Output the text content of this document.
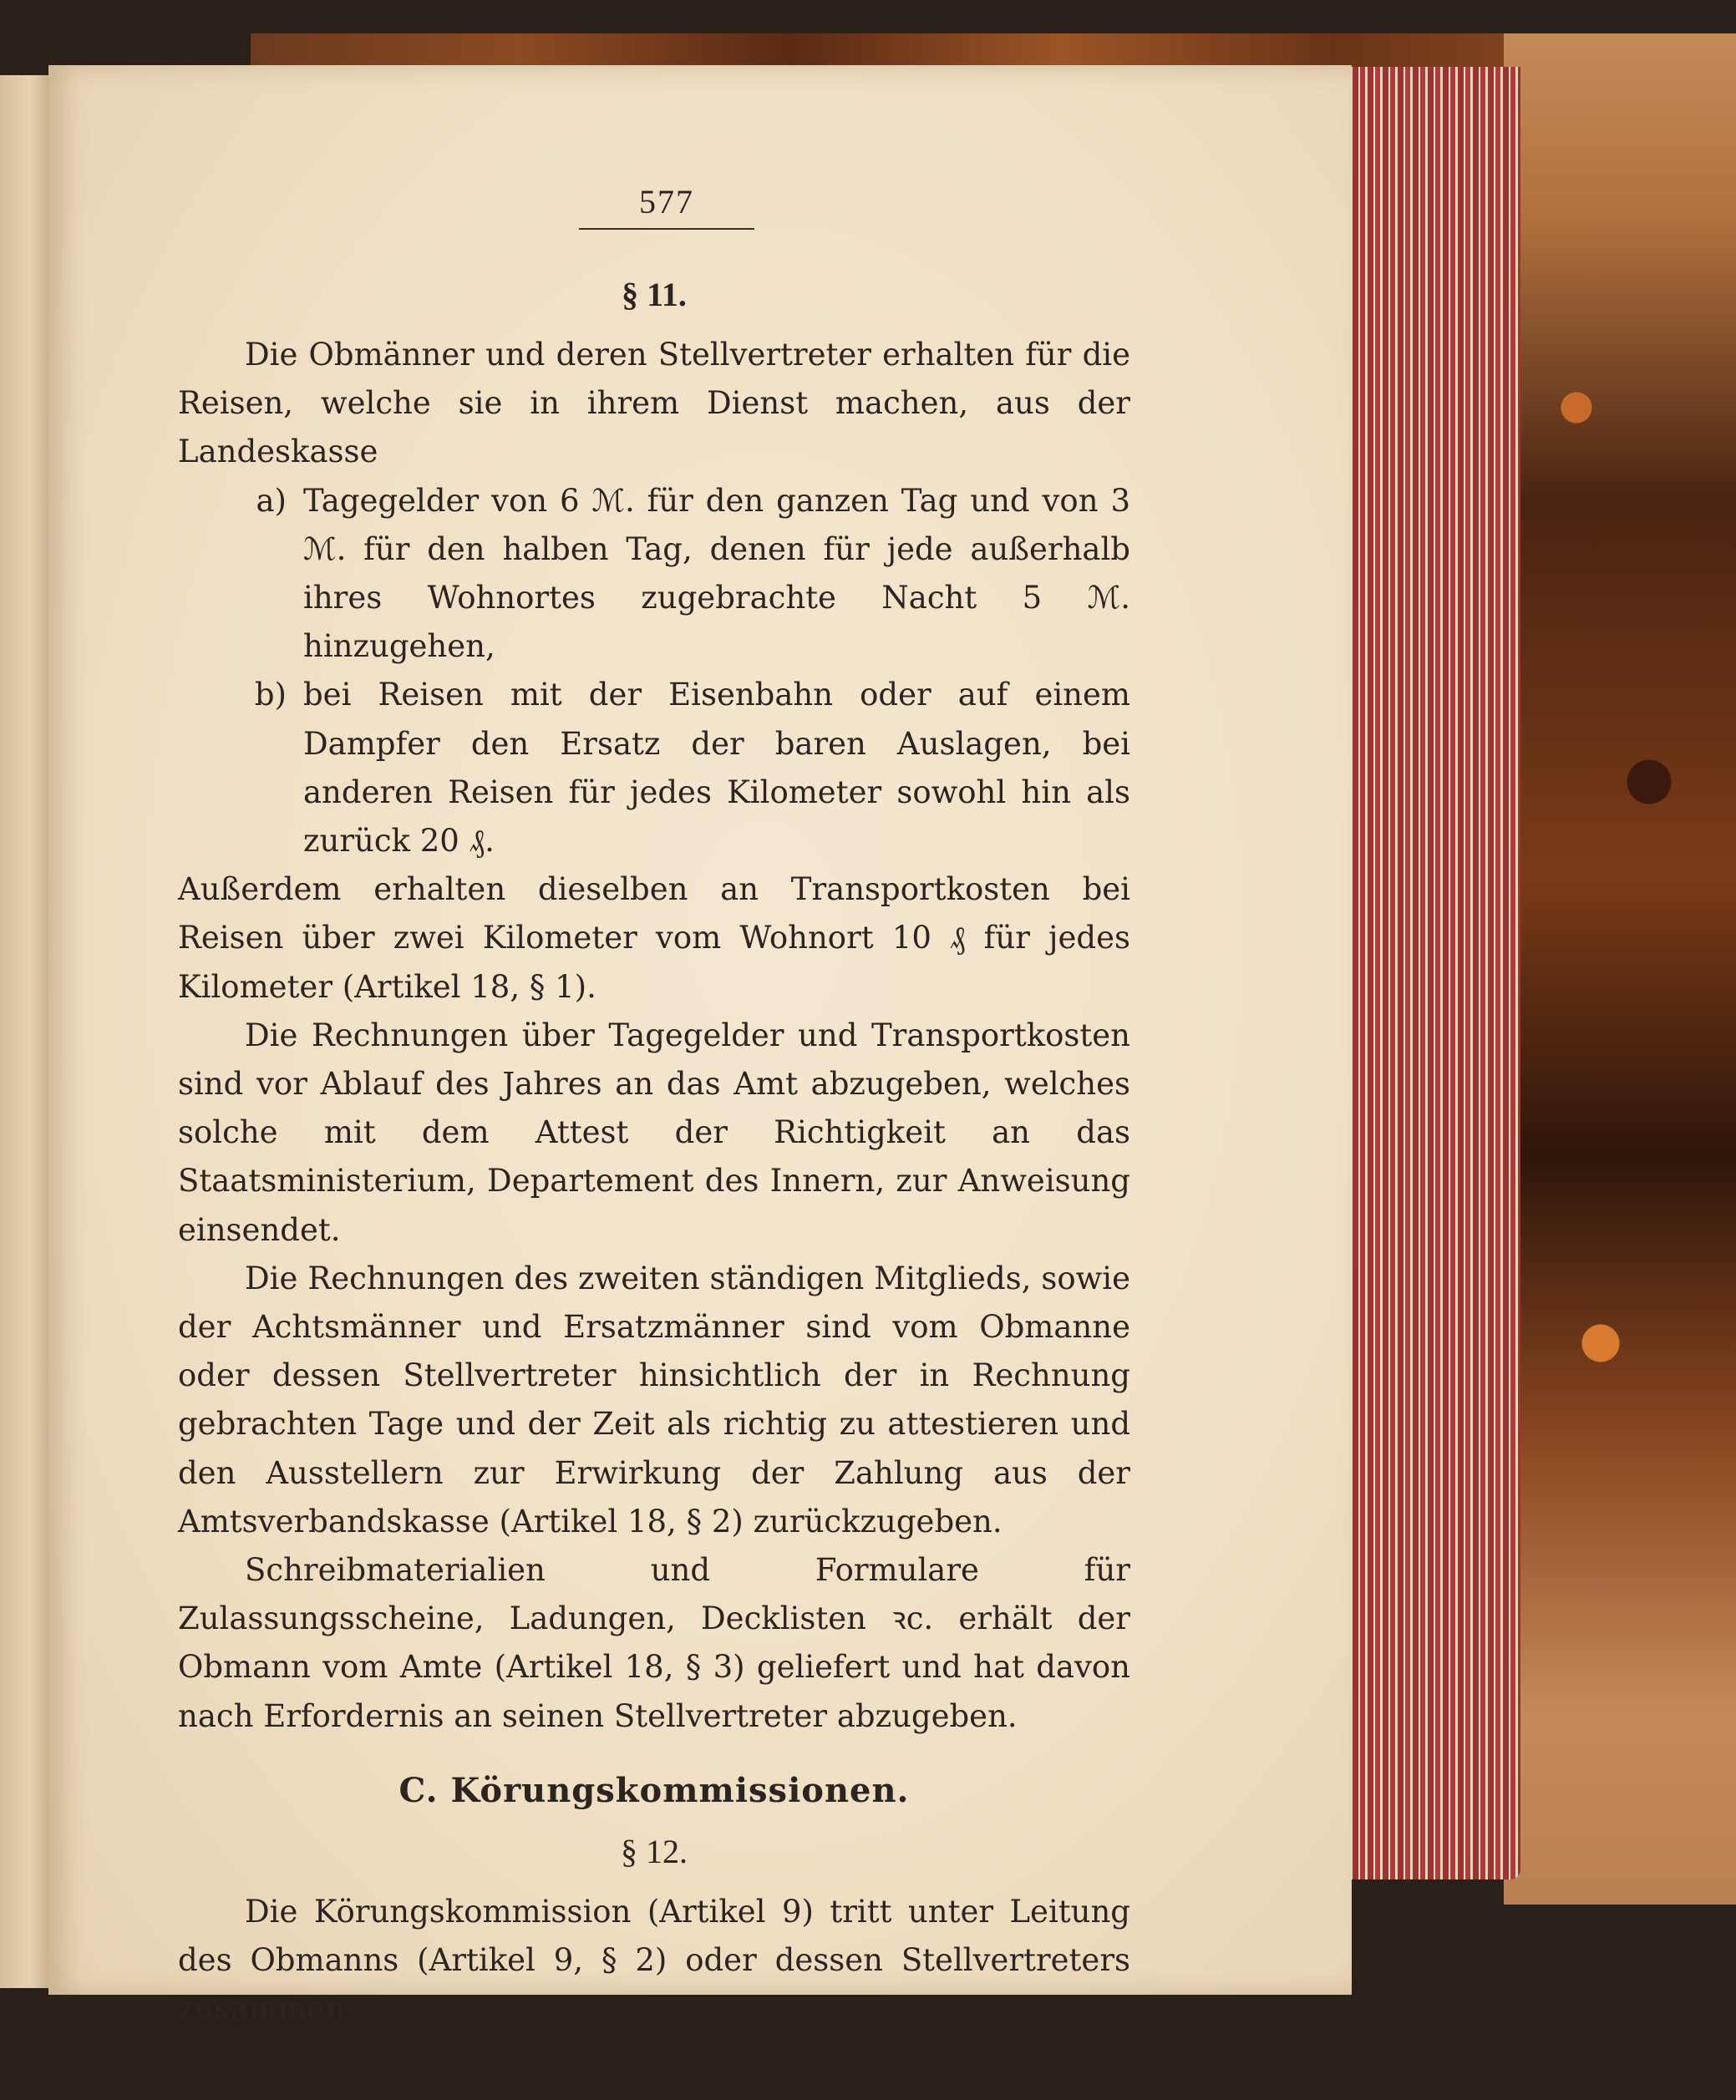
577
§ 11.

Die Obmänner und deren Stellvertreter erhalten für die Reisen, welche sie in ihrem Dienst machen, aus der Landeskasse

a) Tagegelder von 6 ℳ. für den ganzen Tag und von 3 ℳ. für den halben Tag, denen für jede außerhalb ihres Wohnortes zugebrachte Nacht 5 ℳ. hinzugehen,
b) bei Reisen mit der Eisenbahn oder auf einem Dampfer den Ersatz der baren Auslagen, bei anderen Reisen für jedes Kilometer sowohl hin als zurück 20 ₰.

Außerdem erhalten dieselben an Transportkosten bei Reisen über zwei Kilometer vom Wohnort 10 ₰ für jedes Kilometer (Artikel 18, § 1).

Die Rechnungen über Tagegelder und Transportkosten sind vor Ablauf des Jahres an das Amt abzugeben, welches solche mit dem Attest der Richtigkeit an das Staatsministerium, Departement des Innern, zur Anweisung einsendet.

Die Rechnungen des zweiten ständigen Mitglieds, sowie der Achtsmänner und Ersatzmänner sind vom Obmanne oder dessen Stellvertreter hinsichtlich der in Rechnung gebrachten Tage und der Zeit als richtig zu attestieren und den Ausstellern zur Erwirkung der Zahlung aus der Amtsverbandskasse (Artikel 18, § 2) zurückzugeben.

Schreibmaterialien und Formulare für Zulassungsscheine, Ladungen, Decklisten ꝛc. erhält der Obmann vom Amte (Artikel 18, § 3) geliefert und hat davon nach Erfordernis an seinen Stellvertreter abzugeben.

C. Körungskommissionen.
§ 12.

Die Körungskommission (Artikel 9) tritt unter Leitung des Obmanns (Artikel 9, § 2) oder dessen Stellvertreters zusammen
